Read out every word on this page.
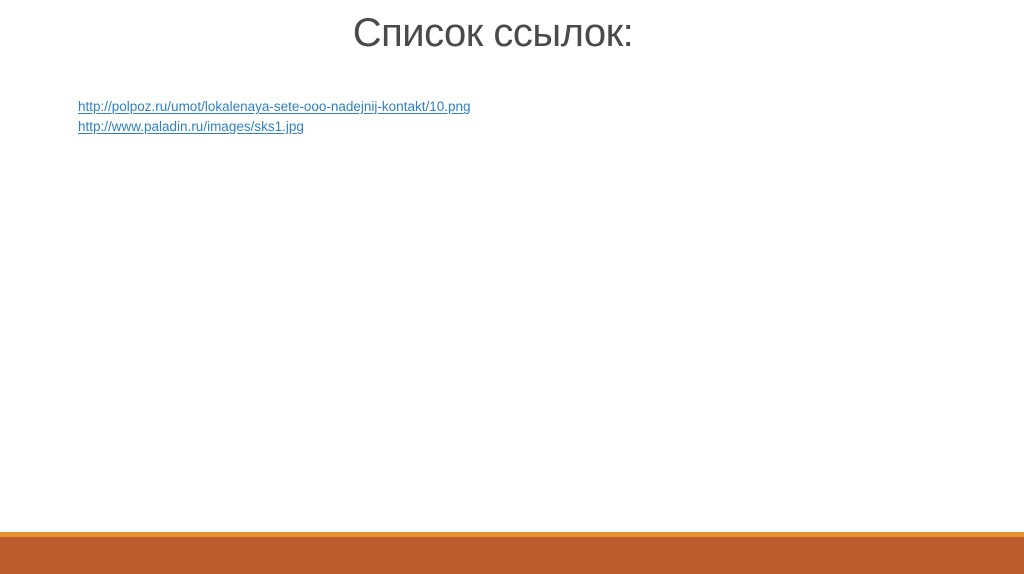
Список ссылок:
http://polpoz.ru/umot/lokalenaya-sete-ooo-nadejnij-kontakt/10.png
http://www.paladin.ru/images/sks1.jpg
